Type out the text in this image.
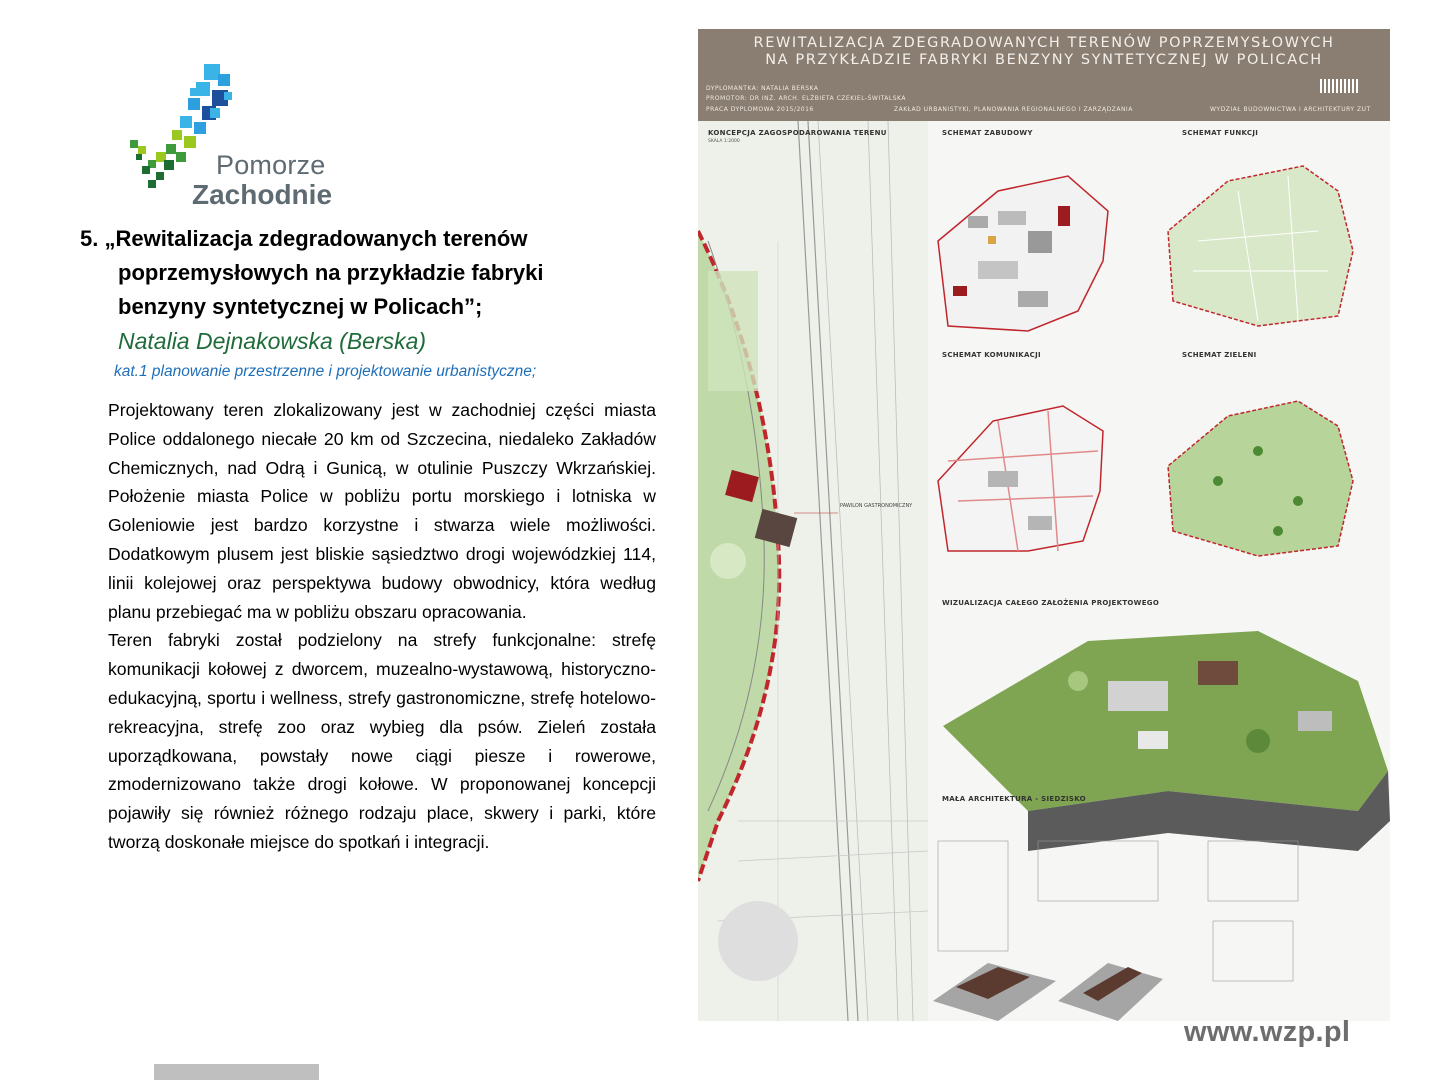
Pomorze
Zachodnie
5. „Rewitalizacja zdegradowanych terenów
poprzemysłowych na przykładzie fabryki
benzyny syntetycznej w Policach”;
Natalia Dejnakowska (Berska)
kat.1 planowanie przestrzenne i projektowanie urbanistyczne;

Projektowany teren zlokalizowany jest w zachodniej części miasta Police oddalonego niecałe 20 km od Szczecina, niedaleko Zakładów Chemicznych, nad Odrą i Gunicą, w otulinie Puszczy Wkrzańskiej. Położenie miasta Police w pobliżu portu morskiego i lotniska w Goleniowie jest bardzo korzystne i stwarza wiele możliwości. Dodatkowym plusem jest bliskie sąsiedztwo drogi wojewódzkiej 114, linii kolejowej oraz perspektywa budowy obwodnicy, która według planu przebiegać ma w pobliżu obszaru opracowania.

Teren fabryki został podzielony na strefy funkcjonalne: strefę komunikacji kołowej z dworcem, muzealno-wystawową, historyczno-edukacyjną, sportu i wellness, strefy gastronomiczne, strefę hotelowo-rekreacyjna, strefę zoo oraz wybieg dla psów. Zieleń została uporządkowana, powstały nowe ciągi piesze i rowerowe, zmodernizowano także drogi kołowe. W proponowanej koncepcji pojawiły się również różnego rodzaju place, skwery i parki, które tworzą doskonałe miejsce do spotkań i integracji.

REWITALIZACJA ZDEGRADOWANYCH TERENÓW POPRZEMYSŁOWYCH
NA PRZYKŁADZIE FABRYKI BENZYNY SYNTETYCZNEJ W POLICACH
DYPLOMANTKA: NATALIA BERSKA
PROMOTOR: DR INŻ. ARCH. ELŻBIETA CZEKIEL-ŚWITALSKA
PRACA DYPLOMOWA 2015/2016	ZAKŁAD URBANISTYKI, PLANOWANIA REGIONALNEGO I ZARZĄDZANIA	WYDZIAŁ BUDOWNICTWA I ARCHITEKTURY ZUT
PAWILON GASTRONOMICZNY
KONCEPCJA ZAGOSPODAROWANIA TERENU
SKALA 1:2000
SCHEMAT ZABUDOWY	SCHEMAT FUNKCJI
SCHEMAT KOMUNIKACJI	SCHEMAT ZIELENI
WIZUALIZACJA CAŁEGO ZAŁOŻENIA PROJEKTOWEGO
MAŁA ARCHITEKTURA - SIEDZISKO
www.wzp.pl
